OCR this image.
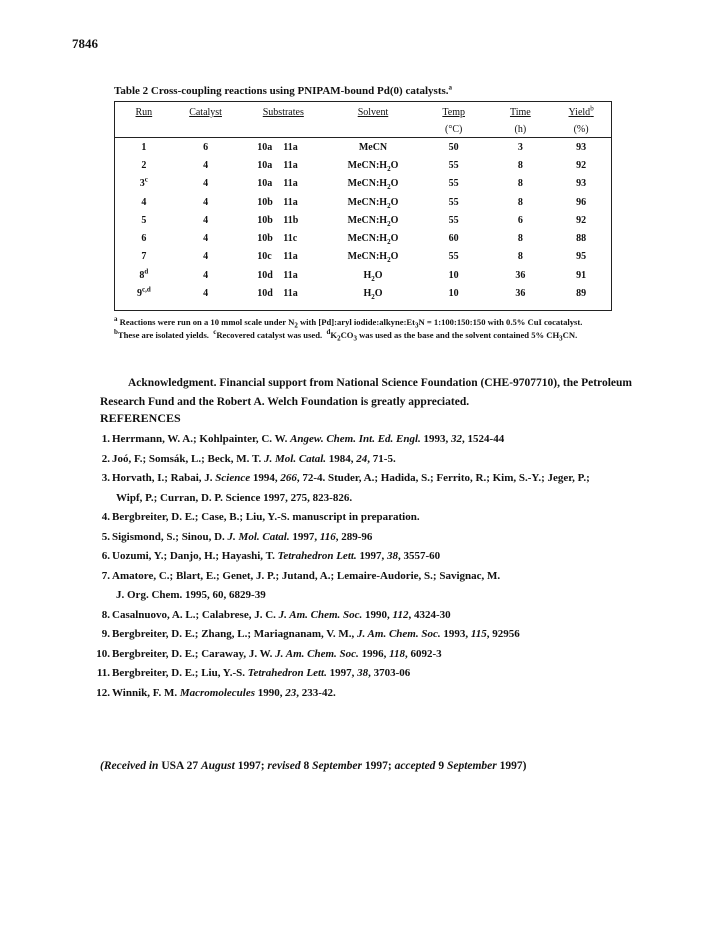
7846
Table 2 Cross-coupling reactions using PNIPAM-bound Pd(0) catalysts.$^a$
Run	Catalyst	Substrates	Solvent	Temp	Time	Yield$^b$
				(°C)	(h)	(%)
1	6	10a 11a	MeCN	50	3	93
2	4	10a 11a	$MeCN:H_2O$	55	8	92
3$^c$	4	10a 11a	$MeCN:H_2O$	55	8	93
4	4	10b 11a	$MeCN:H_2O$	55	8	96
5	4	10b 11b	$MeCN:H_2O$	55	6	92
6	4	10b 11c	$MeCN:H_2O$	60	8	88
7	4	10c 11a	$MeCN:H_2O$	55	8	95
8$^d$	4	10d 11a	$H_2O$	10	36	91
9$^{c,d}$	4	10d 11a	$H_2O$	10	36	89
$^a$ Reactions were run on a 10 mmol scale under $N_2$ with [Pd]:aryl $iodide:alkyne:Et_3N$ = 1:100:150:150 with 0.5% CuI cocatalyst.
$^b$These are isolated yields. $^c$Recovered catalyst was used. $^dK_2CO_3$ was used as the base and the solvent contained 5% $CH_3CN$.
Acknowledgment. Financial support from National Science Foundation (CHE-9707710), the Petroleum Research Fund and the Robert A. Welch Foundation is greatly appreciated.
REFERENCES
1. Herrmann, W. A.; Kohlpainter, C. W. Angew. Chem. Int. Ed. Engl. 1993, 32, 1524-44
2. Joó, F.; Somsák, L.; Beck, M. T. J. Mol. Catal. 1984, 24, 71-5.
3. Horvath, I.; Rabai, J. Science 1994, 266, 72-4. Studer, A.; Hadida, S.; Ferrito, R.; Kim, S.-Y.; Jeger, P.;
Wipf, P.; Curran, D. P. Science 1997, 275, 823-826.
4. Bergbreiter, D. E.; Case, B.; Liu, Y.-S. manuscript in preparation.
5. Sigismond, S.; Sinou, D. J. Mol. Catal. 1997, 116, 289-96
6. Uozumi, Y.; Danjo, H.; Hayashi, T. Tetrahedron Lett. 1997, 38, 3557-60
7. Amatore, C.; Blart, E.; Genet, J. P.; Jutand, A.; Lemaire-Audorie, S.; Savignac, M.
J. Org. Chem. 1995, 60, 6829-39
8. Casalnuovo, A. L.; Calabrese, J. C. J. Am. Chem. Soc. 1990, 112, 4324-30
9. Bergbreiter, D. E.; Zhang, L.; Mariagnanam, V. M., J. Am. Chem. Soc. 1993, 115, 92956
10. Bergbreiter, D. E.; Caraway, J. W. J. Am. Chem. Soc. 1996, 118, 6092-3
11. Bergbreiter, D. E.; Liu, Y.-S. Tetrahedron Lett. 1997, 38, 3703-06
12. Winnik, F. M. Macromolecules 1990, 23, 233-42.
(Received in USA 27 August 1997; revised 8 September 1997; accepted 9 September 1997)
